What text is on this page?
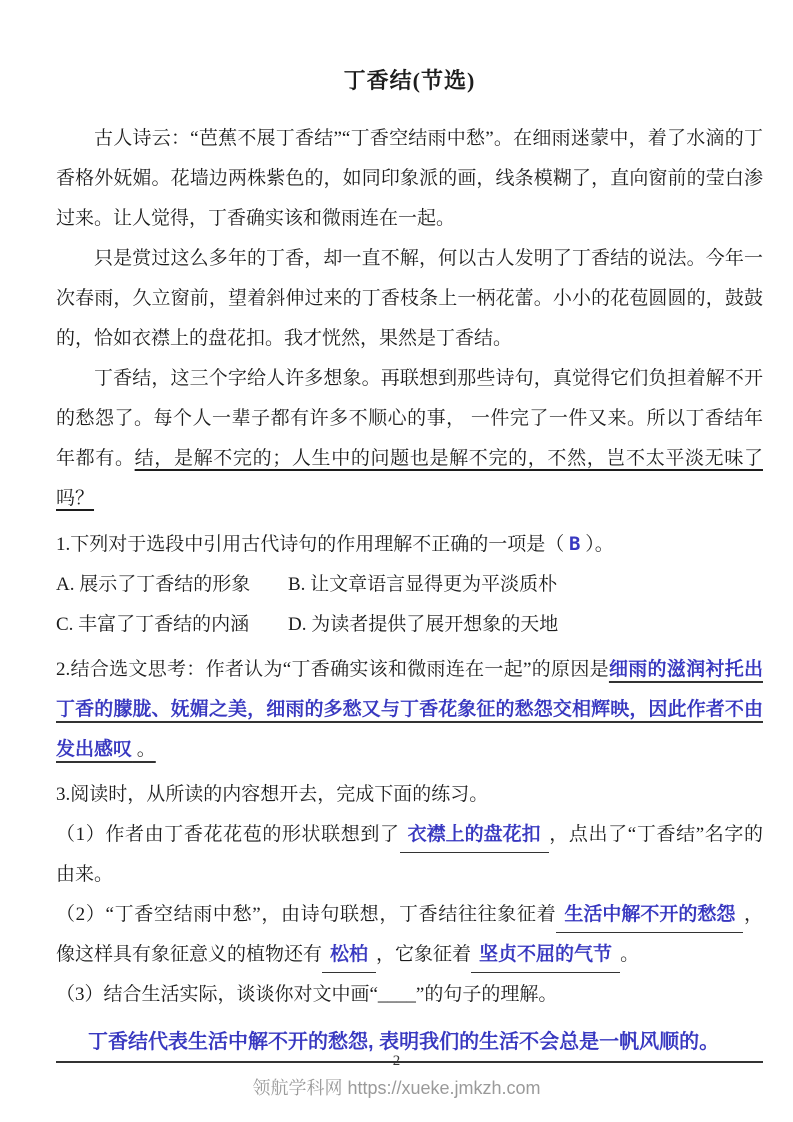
丁香结(节选)

古人诗云：“芭蕉不展丁香结”“丁香空结雨中愁”。在细雨迷蒙中，着了水滴的丁香格外妩媚。花墙边两株紫色的，如同印象派的画，线条模糊了，直向窗前的莹白渗过来。让人觉得，丁香确实该和微雨连在一起。

只是赏过这么多年的丁香，却一直不解，何以古人发明了丁香结的说法。今年一次春雨，久立窗前，望着斜伸过来的丁香枝条上一柄花蕾。小小的花苞圆圆的，鼓鼓的，恰如衣襟上的盘花扣。我才恍然，果然是丁香结。

丁香结，这三个字给人许多想象。再联想到那些诗句，真觉得它们负担着解不开的愁怨了。每个人一辈子都有许多不顺心的事， 一件完了一件又来。所以丁香结年年都有。结，是解不完的；人生中的问题也是解不完的，不然，岂不太平淡无味了吗？

1.下列对于选段中引用古代诗句的作用理解不正确的一项是（ B ）。

A. 展示了丁香结的形象 B. 让文章语言显得更为平淡质朴

C. 丰富了丁香结的内涵 D. 为读者提供了展开想象的天地

2.结合选文思考：作者认为“丁香确实该和微雨连在一起”的原因是细雨的滋润衬托出丁香的朦胧、妩媚之美，细雨的多愁又与丁香花象征的愁怨交相辉映，因此作者不由发出感叹 。

3.阅读时，从所读的内容想开去，完成下面的练习。

（1）作者由丁香花花苞的形状联想到了 衣襟上的盘花扣 ，点出了“丁香结”名字的由来。

（2）“丁香空结雨中愁”，由诗句联想，丁香结往往象征着 生活中解不开的愁怨 ，像这样具有象征意义的植物还有 松柏 ，它象征着 坚贞不屈的气节 。

（3）结合生活实际，谈谈你对文中画“____”的句子的理解。

丁香结代表生活中解不开的愁怨, 表明我们的生活不会总是一帆风顺的。
2
领航学科网 https://xueke.jmkzh.com
